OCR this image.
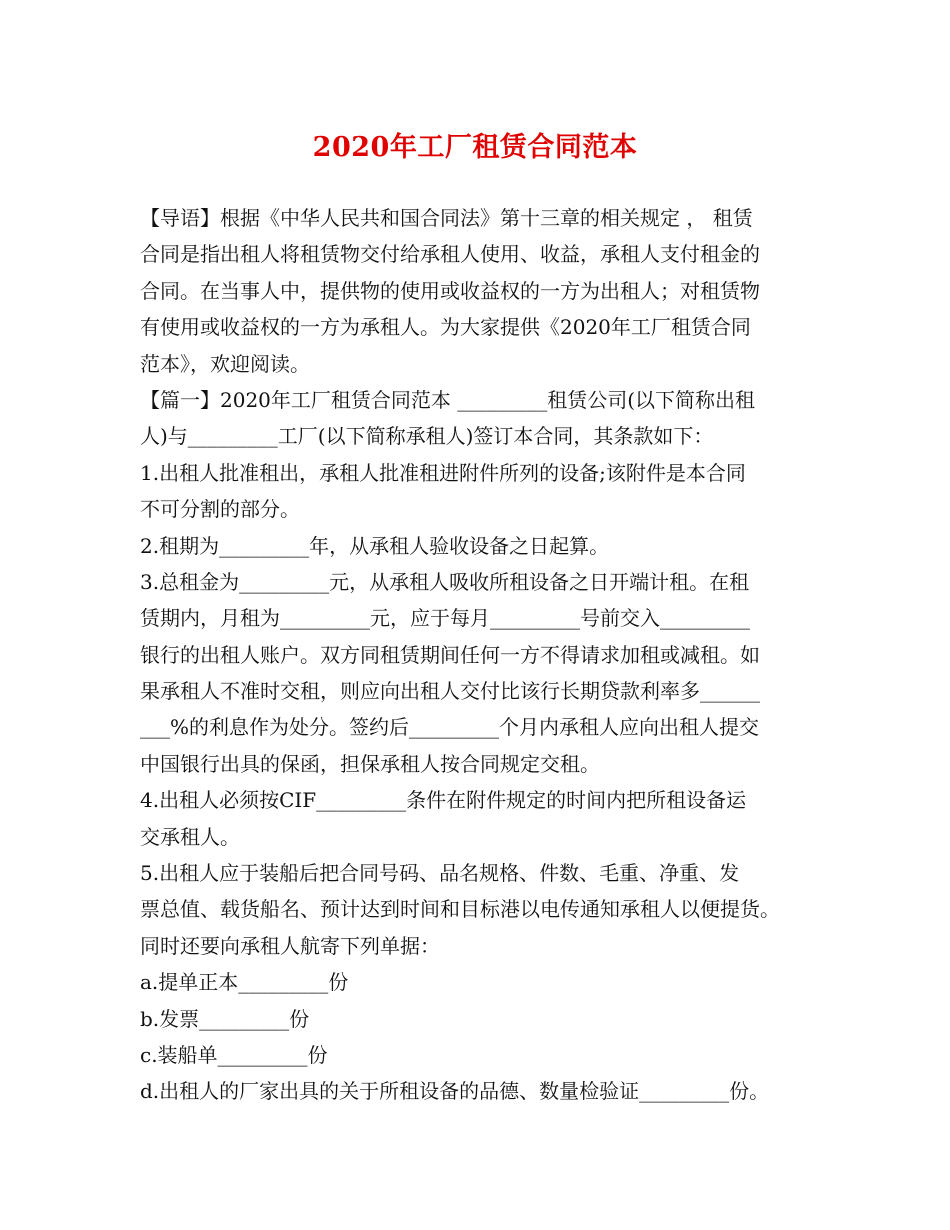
2020年工厂租赁合同范本
【导语】根据《中华人民共和国合同法》第十三章的相关规定 ， 租赁
合同是指出租人将租赁物交付给承租人使用、收益，承租人支付租金的
合同。在当事人中，提供物的使用或收益权的一方为出租人；对租赁物
有使用或收益权的一方为承租人。为大家提供《2020年工厂租赁合同
范本》，欢迎阅读。
【篇一】2020年工厂租赁合同范本 _________租赁公司(以下简称出租
人)与_________工厂(以下简称承租人)签订本合同，其条款如下：
1.出租人批准租出，承租人批准租进附件所列的设备;该附件是本合同
不可分割的部分。
2.租期为_________年，从承租人验收设备之日起算。
3.总租金为_________元，从承租人吸收所租设备之日开端计租。在租
赁期内，月租为_________元，应于每月_________号前交入_________
银行的出租人账户。双方同租赁期间任何一方不得请求加租或减租。如
果承租人不准时交租，则应向出租人交付比该行长期贷款利率多______
___%的利息作为处分。签约后_________个月内承租人应向出租人提交
中国银行出具的保函，担保承租人按合同规定交租。
4.出租人必须按CIF_________条件在附件规定的时间内把所租设备运
交承租人。
5.出租人应于装船后把合同号码、品名规格、件数、毛重、净重、发
票总值、载货船名、预计达到时间和目标港以电传通知承租人以便提货。
同时还要向承租人航寄下列单据：
a.提单正本_________份
b.发票_________份
c.装船单_________份
d.出租人的厂家出具的关于所租设备的品德、数量检验证_________份。
